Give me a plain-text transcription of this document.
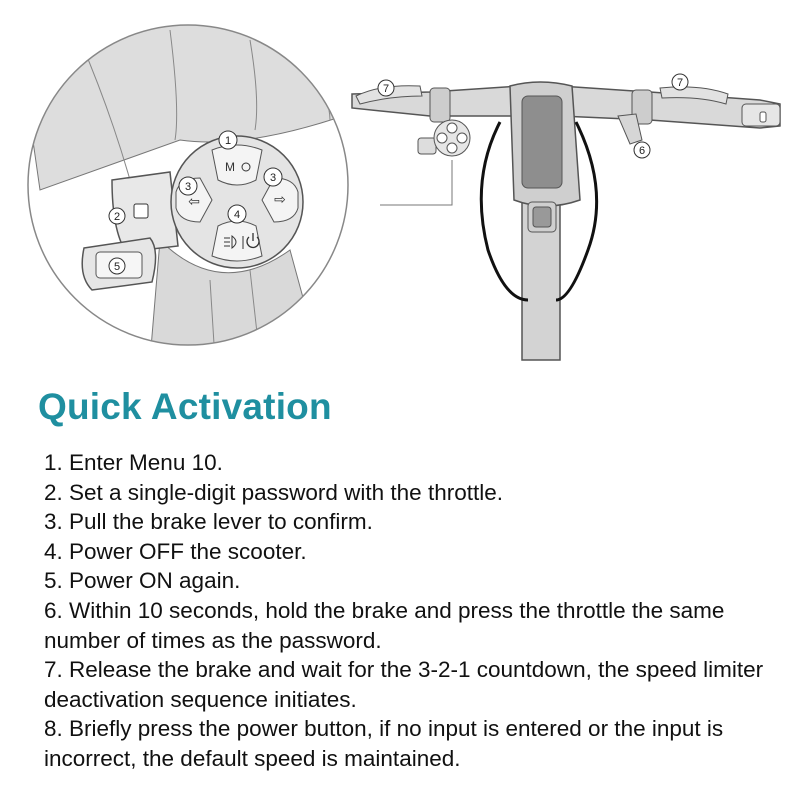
7	7
6
2
5
M
⇦	⇨
1
3
3
4
Quick Activation
1. Enter Menu 10.
2. Set a single-digit password with the throttle.
3. Pull the brake lever to confirm.
4. Power OFF the scooter.
5. Power ON again.
6. Within 10 seconds, hold the brake and press the throttle the same number of times as the password.
7. Release the brake and wait for the 3-2-1 countdown, the speed limiter deactivation sequence initiates.
8. Briefly press the power button, if no input is entered or the input is incorrect, the default speed is maintained.
